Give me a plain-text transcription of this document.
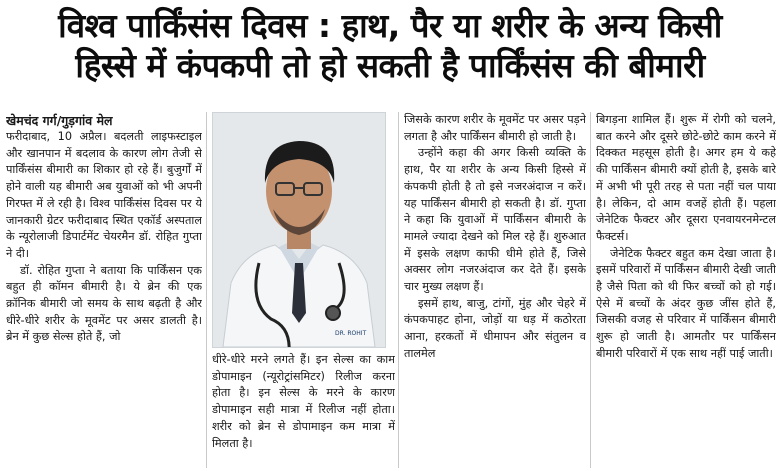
विश्व पार्किंसंस दिवस : हाथ, पैर या शरीर के अन्य किसी
हिस्से में कंपकपी तो हो सकती है पार्किंसंस की बीमारी
खेमचंद गर्ग/गुड़गांव मेल

फरीदाबाद, 10 अप्रैल। बदलती लाइफस्टाइल और खानपान में बदलाव के कारण लोग तेजी से पार्किंसंस बीमारी का शिकार हो रहे हैं। बुजुर्गों में होने वाली यह बीमारी अब युवाओं को भी अपनी गिरफ्त में ले रही है। विश्व पार्किंसंस दिवस पर ये जानकारी ग्रेटर फरीदाबाद स्थित एकॉर्ड अस्पताल के न्यूरोलाजी डिपार्टमेंट चेयरमैन डॉ. रोहित गुप्ता ने दी।

डॉ. रोहित गुप्ता ने बताया कि पार्किंसन एक बहुत ही कॉमन बीमारी है। ये ब्रेन की एक क्रॉनिक बीमारी जो समय के साथ बढ़ती है और धीरे-धीरे शरीर के मूवमेंट पर असर डालती है। ब्रेन में कुछ सेल्स होते हैं, जो	DR. ROHIT

धीरे-धीरे मरने लगते हैं। इन सेल्स का काम डोपामाइन (न्यूरोट्रांसमिटर) रिलीज करना होता है। इन सेल्स के मरने के कारण डोपामाइन सही मात्रा में रिलीज नहीं होता। शरीर को ब्रेन से डोपामाइन कम मात्रा में मिलता है।

जिसके कारण शरीर के मूवमेंट पर असर पड़ने लगता है और पार्किंसन बीमारी हो जाती है।

उन्होंने कहा की अगर किसी व्यक्ति के हाथ, पैर या शरीर के अन्य किसी हिस्से में कंपकपी होती है तो इसे नजरअंदाज न करें। यह पार्किंसन बीमारी हो सकती है। डॉ. गुप्ता ने कहा कि युवाओं में पार्किंसन बीमारी के मामले ज्यादा देखने को मिल रहे हैं। शुरुआत में इसके लक्षण काफी धीमे होते हैं, जिसे अक्सर लोग नजरअंदाज कर देते हैं। इसके चार मुख्य लक्षण हैं।

इसमें हाथ, बाजु, टांगों, मुंह और चेहरे में कंपकपाहट होना, जोड़ों या धड़ में कठोरता आना, हरकतों में धीमापन और संतुलन व तालमेल

बिगड़ना शामिल हैं। शुरू में रोगी को चलने, बात करने और दूसरे छोटे-छोटे काम करने में दिक्कत महसूस होती है। अगर हम ये कहे की पार्किंसन बीमारी क्यों होती है, इसके बारे में अभी भी पूरी तरह से पता नहीं चल पाया है। लेकिन, दो आम वजहें होती हैं। पहला जेनेटिक फैक्टर और दूसरा एनवायरनमेन्टल फैक्टर्स।

जेनेटिक फैक्टर बहुत कम देखा जाता है। इसमें परिवारों में पार्किंसन बीमारी देखी जाती है जैसे पिता को थी फिर बच्चों को हो गई। ऐसे में बच्चों के अंदर कुछ जींस होते हैं, जिसकी वजह से परिवार में पार्किंसन बीमारी शुरू हो जाती है। आमतौर पर पार्किंसन बीमारी परिवारों में एक साथ नहीं पाई जाती।
